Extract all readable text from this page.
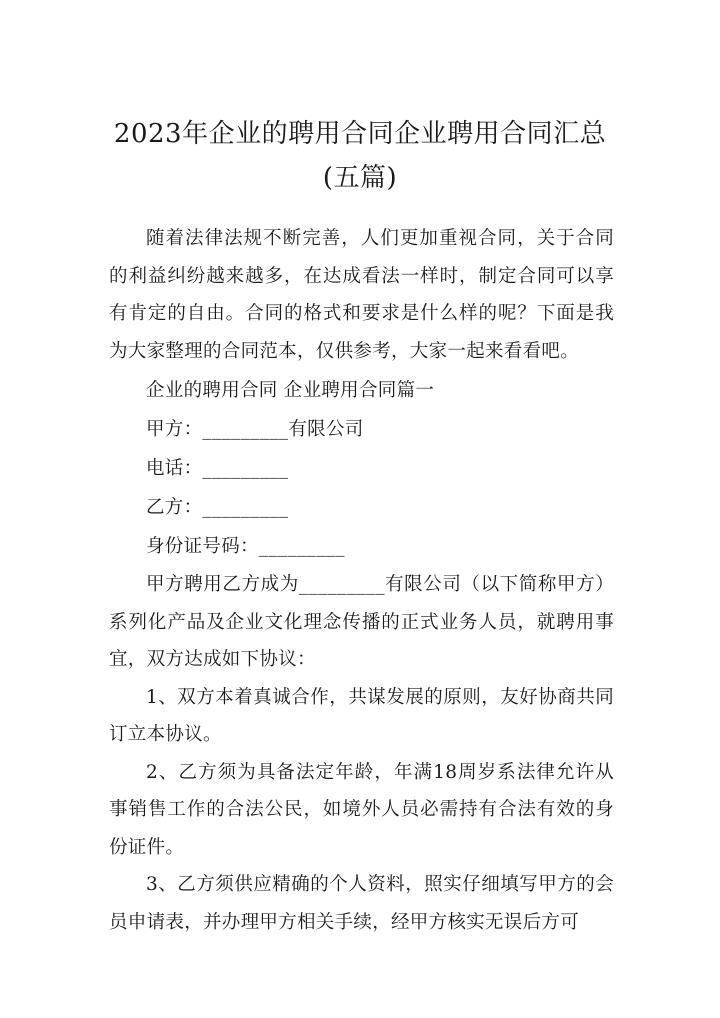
2023年企业的聘用合同企业聘用合同汇总
(五篇)

随着法律法规不断完善，人们更加重视合同，关于合同的利益纠纷越来越多，在达成看法一样时，制定合同可以享有肯定的自由。合同的格式和要求是什么样的呢？下面是我为大家整理的合同范本，仅供参考，大家一起来看看吧。

企业的聘用合同 企业聘用合同篇一
甲方：_________有限公司
电话：_________
乙方：_________
身份证号码：_________

甲方聘用乙方成为_________有限公司（以下简称甲方）系列化产品及企业文化理念传播的正式业务人员，就聘用事宜，双方达成如下协议：

1、双方本着真诚合作，共谋发展的原则，友好协商共同订立本协议。

2、乙方须为具备法定年龄，年满18周岁系法律允许从事销售工作的合法公民，如境外人员必需持有合法有效的身份证件。

3、乙方须供应精确的个人资料，照实仔细填写甲方的会员申请表，并办理甲方相关手续，经甲方核实无误后方可
